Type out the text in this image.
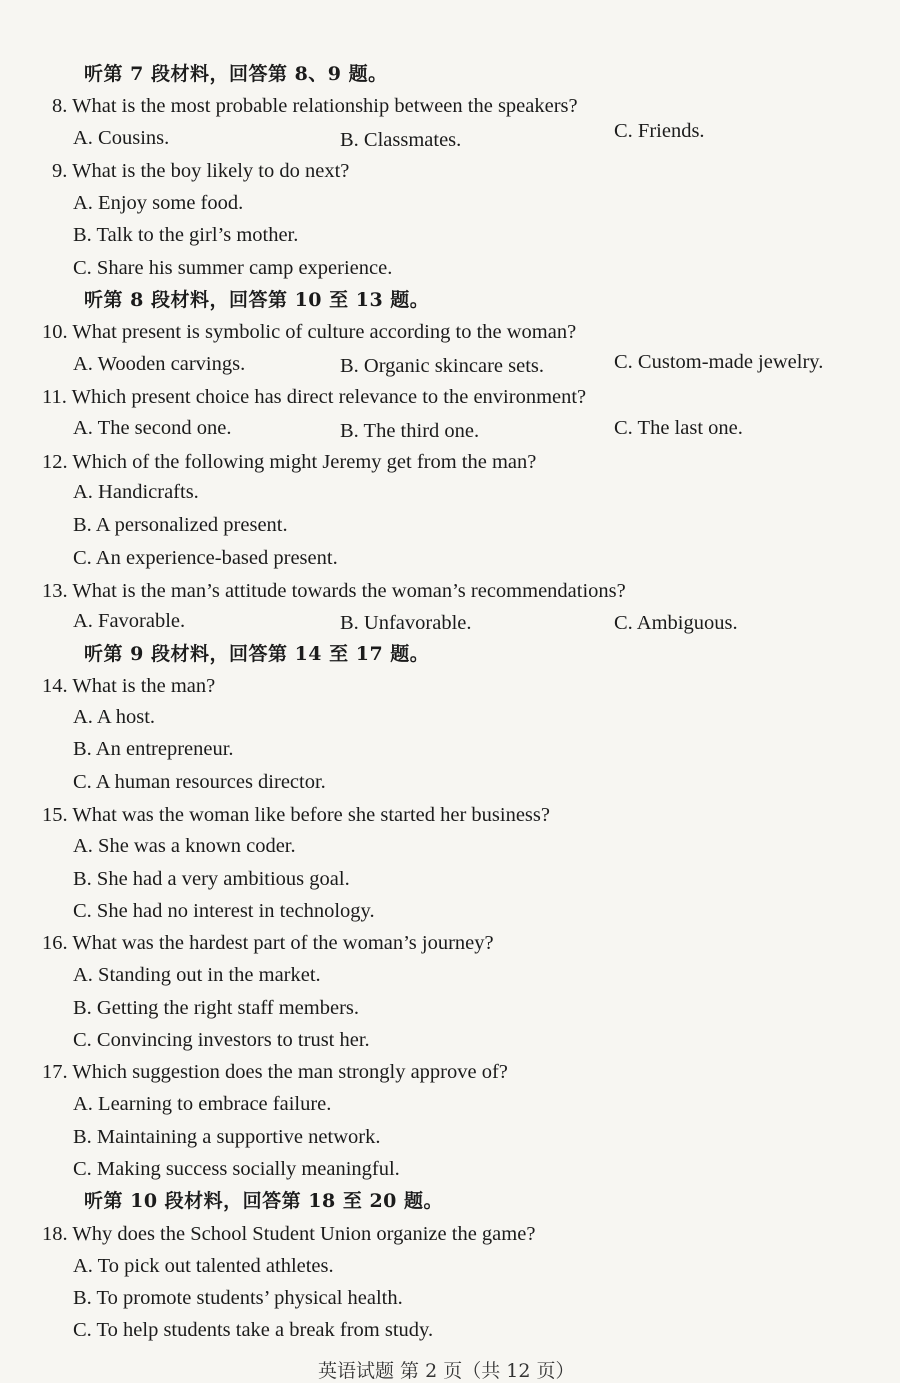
听第 7 段材料，回答第 8、9 题。
8. What is the most probable relationship between the speakers?
A. Cousins.	B. Classmates.	C. Friends.
9. What is the boy likely to do next?
A. Enjoy some food.
B. Talk to the girl’s mother.
C. Share his summer camp experience.
听第 8 段材料，回答第 10 至 13 题。
10. What present is symbolic of culture according to the woman?
A. Wooden carvings.	B. Organic skincare sets.	C. Custom-made jewelry.
11. Which present choice has direct relevance to the environment?
A. The second one.	B. The third one.	C. The last one.
12. Which of the following might Jeremy get from the man?
A. Handicrafts.
B. A personalized present.
C. An experience-based present.
13. What is the man’s attitude towards the woman’s recommendations?
A. Favorable.	B. Unfavorable.	C. Ambiguous.
听第 9 段材料，回答第 14 至 17 题。
14. What is the man?
A. A host.
B. An entrepreneur.
C. A human resources director.
15. What was the woman like before she started her business?
A. She was a known coder.
B. She had a very ambitious goal.
C. She had no interest in technology.
16. What was the hardest part of the woman’s journey?
A. Standing out in the market.
B. Getting the right staff members.
C. Convincing investors to trust her.
17. Which suggestion does the man strongly approve of?
A. Learning to embrace failure.
B. Maintaining a supportive network.
C. Making success socially meaningful.
听第 10 段材料，回答第 18 至 20 题。
18. Why does the School Student Union organize the game?
A. To pick out talented athletes.
B. To promote students’ physical health.
C. To help students take a break from study.
英语试题 第 2 页（共 12 页）
